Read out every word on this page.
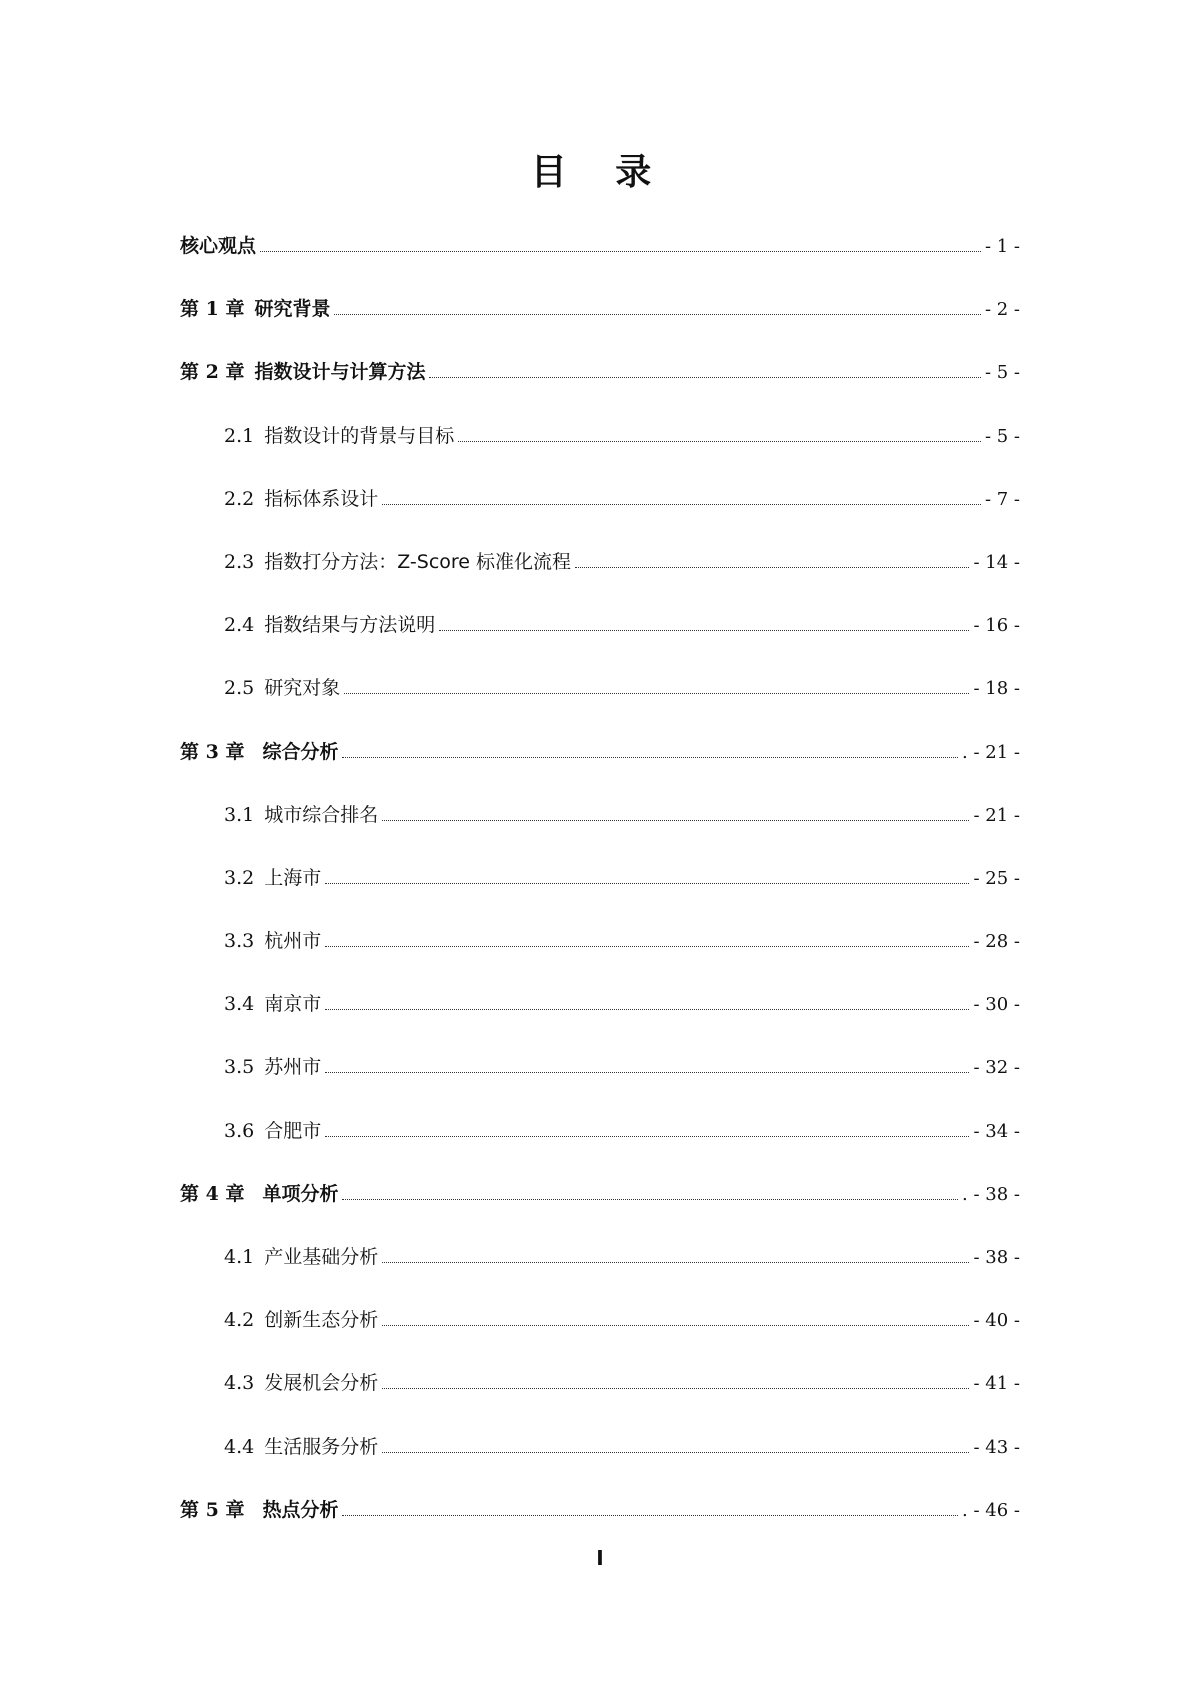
目 录
核心观点	- 1 -
第 1 章 研究背景	- 2 -
第 2 章 指数设计与计算方法	- 5 -
2.1 指数设计的背景与目标	- 5 -
2.2 指标体系设计	- 7 -
2.3 指数打分方法：Z-Score 标准化流程	- 14 -
2.4 指数结果与方法说明	- 16 -
2.5 研究对象	- 18 -
第 3 章 综合分析	. - 21 -
3.1 城市综合排名	- 21 -
3.2 上海市	- 25 -
3.3 杭州市	- 28 -
3.4 南京市	- 30 -
3.5 苏州市	- 32 -
3.6 合肥市	- 34 -
第 4 章 单项分析	. - 38 -
4.1 产业基础分析	- 38 -
4.2 创新生态分析	- 40 -
4.3 发展机会分析	- 41 -
4.4 生活服务分析	- 43 -
第 5 章 热点分析	. - 46 -
I
